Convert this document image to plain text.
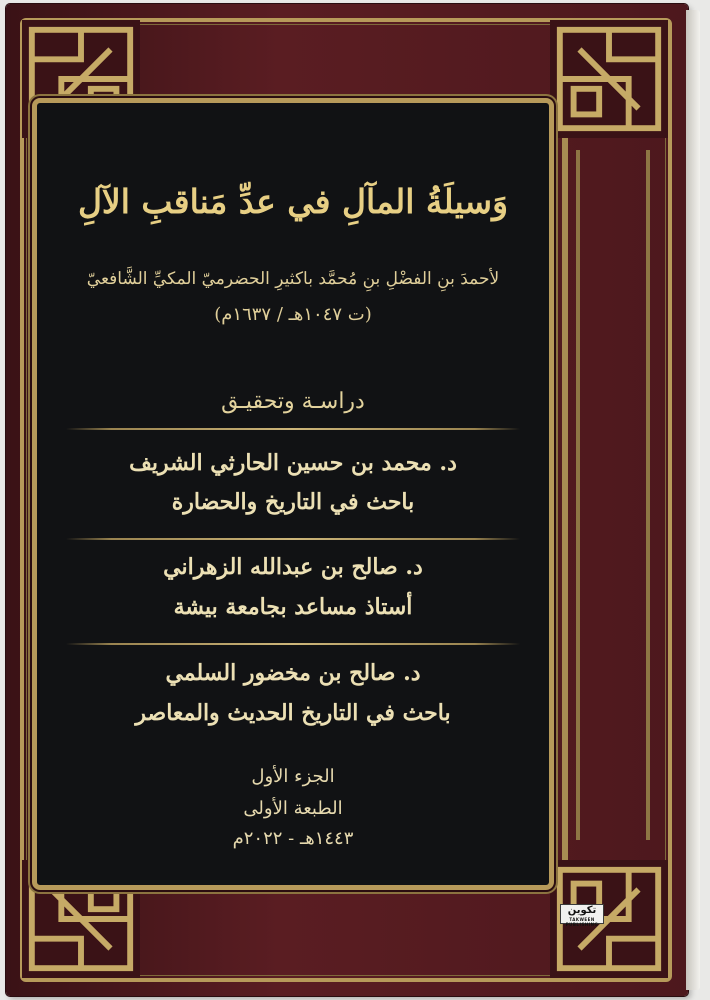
وَسيلَةُ المآلِ في عدِّ مَناقبِ الآلِ
لأحمدَ بنِ الفضْلِ بنِ مُحمَّد باكثيرِ الحضرميّ المكيِّ الشَّافعيّ
(ت ١٠٤٧هـ / ١٦٣٧م)
دراسـة وتحقيـق
د. محمد بن حسين الحارثي الشريف
باحث في التاريخ والحضارة
د. صالح بن عبدالله الزهراني
أستاذ مساعد بجامعة بيشة
د. صالح بن مخضور السلمي
باحث في التاريخ الحديث والمعاصر
الجزء الأول
الطبعة الأولى
١٤٤٣هـ - ٢٠٢٢م
تكوين
TAKWEEN PUBLISHING
